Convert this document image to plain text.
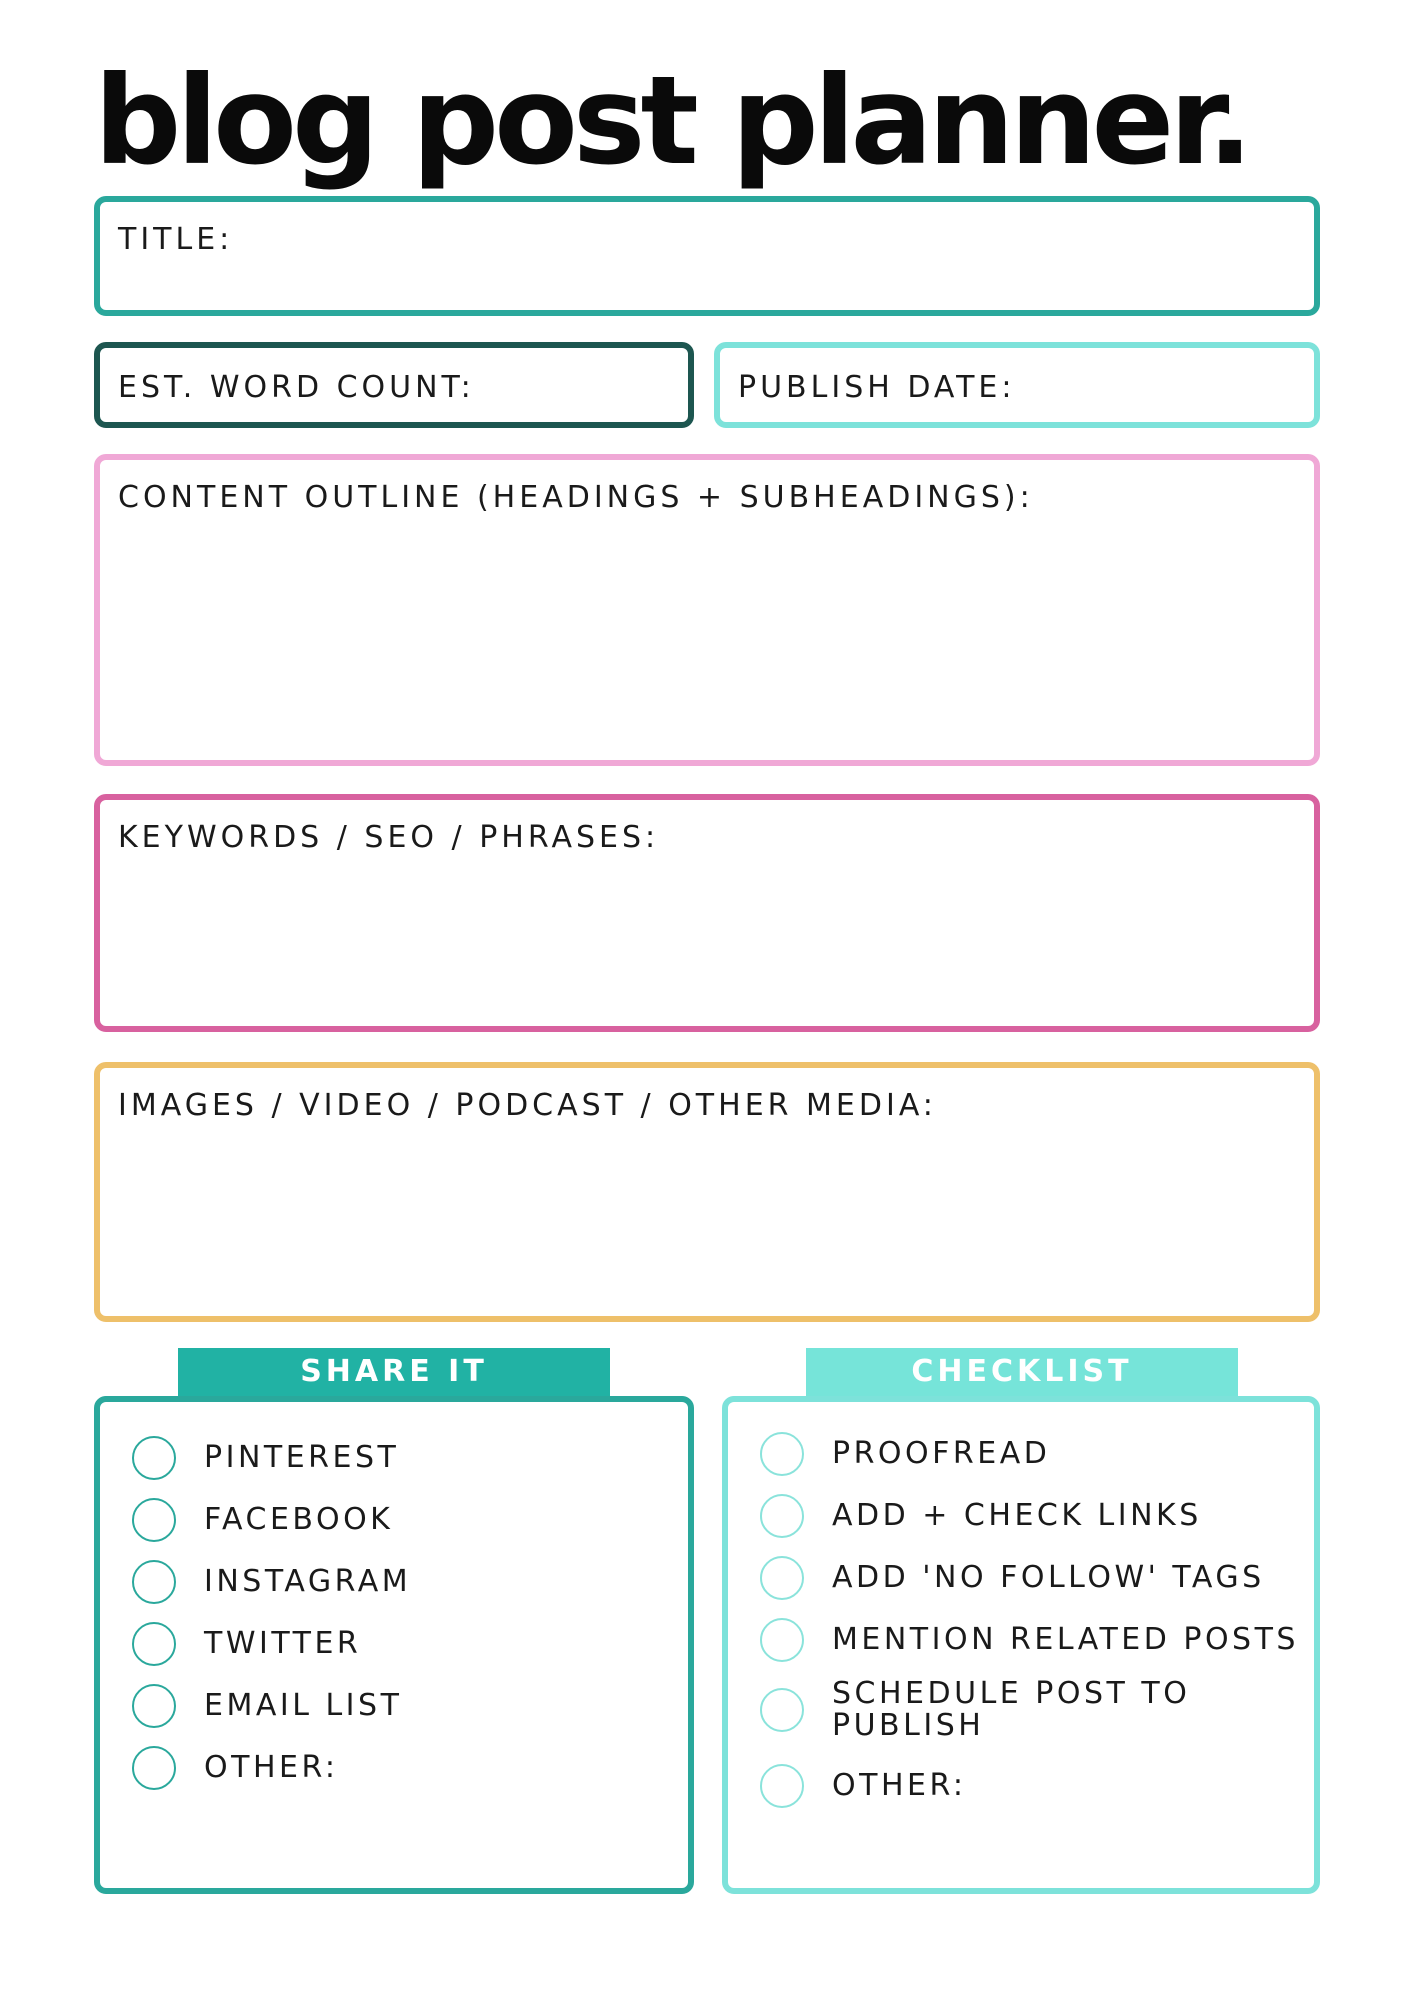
blog post planner.
TITLE:
EST. WORD COUNT:	PUBLISH DATE:
CONTENT OUTLINE (HEADINGS + SUBHEADINGS):
KEYWORDS / SEO / PHRASES:
IMAGES / VIDEO / PODCAST / OTHER MEDIA:
SHARE IT	CHECKLIST
PINTEREST
FACEBOOK
INSTAGRAM
TWITTER
EMAIL LIST
OTHER:
PROOFREAD
ADD + CHECK LINKS
ADD 'NO FOLLOW' TAGS
MENTION RELATED POSTS
SCHEDULE POST TO PUBLISH
OTHER:
